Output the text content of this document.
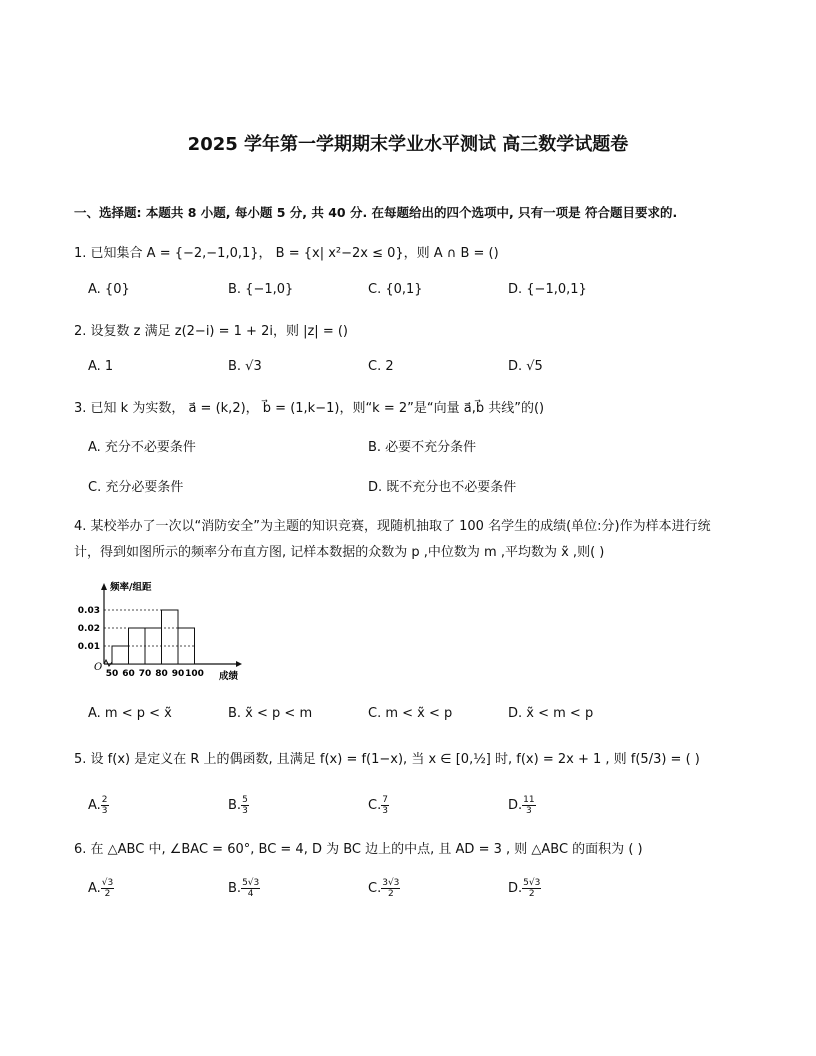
2025 学年第一学期期末学业水平测试 高三数学试题卷
一、选择题: 本题共 8 小题, 每小题 5 分, 共 40 分. 在每题给出的四个选项中, 只有一项是 符合题目要求的.
1. 已知集合 A = {−2,−1,0,1}， B = {x| x²−2x ≤ 0}，则 A ∩ B = ()
A. {0}	B. {−1,0}	C. {0,1}	D. {−1,0,1}
2. 设复数 z 满足 z(2−i) = 1 + 2i，则 |z| = ()
A. 1	B. √3	C. 2	D. √5
3. 已知 k 为实数， a⃗ = (k,2)， b⃗ = (1,k−1)，则“k = 2”是“向量 a⃗,b⃗ 共线”的()
A. 充分不必要条件	B. 必要不充分条件
C. 充分必要条件	D. 既不充分也不必要条件
4. 某校举办了一次以“消防安全”为主题的知识竞赛，现随机抽取了 100 名学生的成绩(单位:分)作为样本进行统
计，得到如图所示的频率分布直方图, 记样本数据的众数为 p ,中位数为 m ,平均数为 x̃ ,则( )
0.03
0.02
0.01
50 60 70 80 90 100
O
频率/组距
成绩
A. m < p < x̃	B. x̃ < p < m	C. m < x̃ < p	D. x̃ < m < p
5. 设 f(x) 是定义在 R 上的偶函数, 且满足 f(x) = f(1−x), 当 x ∈ [0,½] 时, f(x) = 2x + 1 , 则 f(5/3) = ( )
A. $\frac{2}{3}$	B. $\frac{5}{3}$	C. $\frac{7}{3}$	D. $\frac{11}{3}$
6. 在 △ABC 中, ∠BAC = 60°, BC = 4, D 为 BC 边上的中点, 且 AD = 3 , 则 △ABC 的面积为 ( )
A. $\frac{√3}{2}$	B. $\frac{5√3}{4}$	C. $\frac{3√3}{2}$	D. $\frac{5√3}{2}$
